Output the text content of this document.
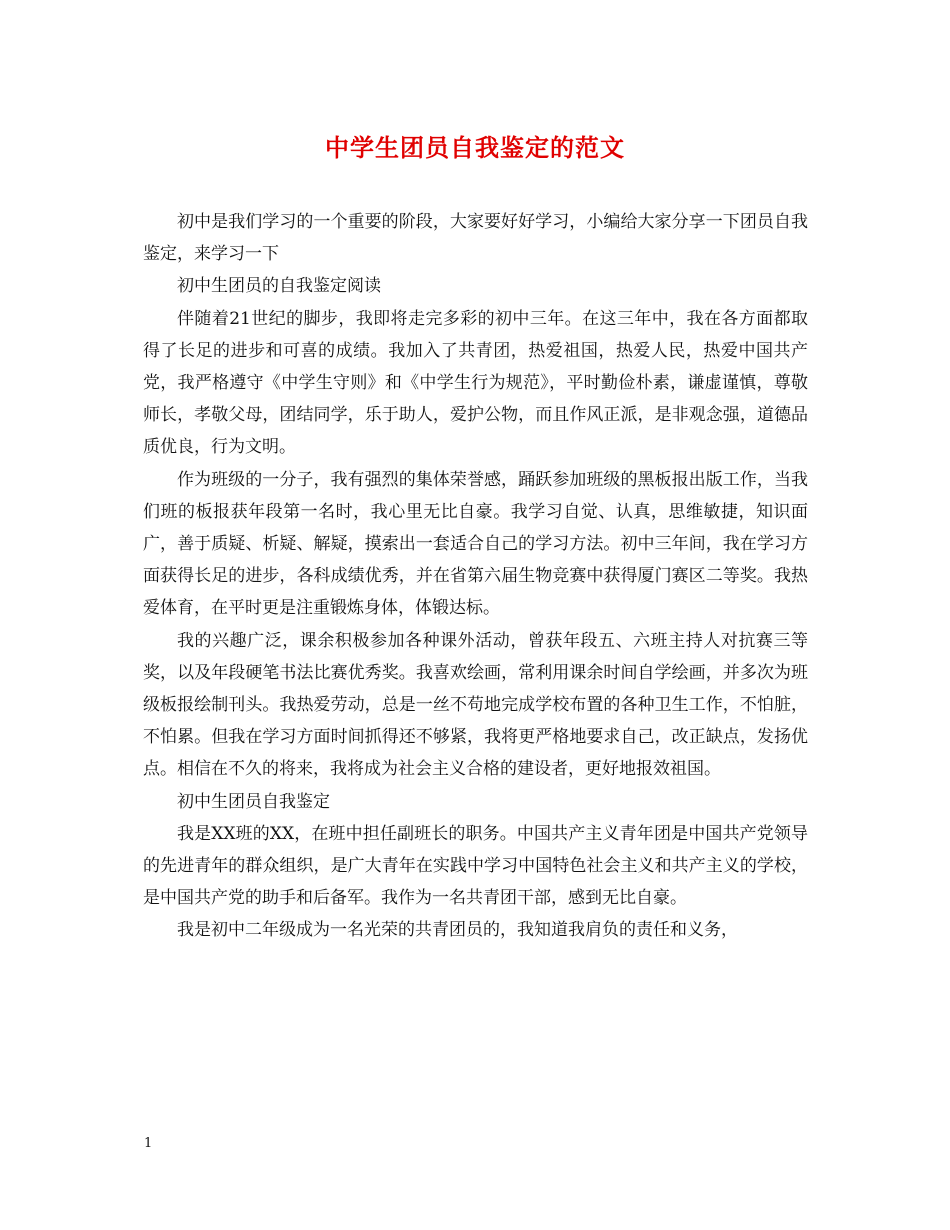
中学生团员自我鉴定的范文

初中是我们学习的一个重要的阶段，大家要好好学习，小编给大家分享一下团员自我鉴定，来学习一下

初中生团员的自我鉴定阅读

伴随着21世纪的脚步，我即将走完多彩的初中三年。在这三年中，我在各方面都取得了长足的进步和可喜的成绩。我加入了共青团，热爱祖国，热爱人民，热爱中国共产党，我严格遵守《中学生守则》和《中学生行为规范》，平时勤俭朴素，谦虚谨慎，尊敬师长，孝敬父母，团结同学，乐于助人，爱护公物，而且作风正派，是非观念强，道德品质优良，行为文明。

作为班级的一分子，我有强烈的集体荣誉感，踊跃参加班级的黑板报出版工作，当我们班的板报获年段第一名时，我心里无比自豪。我学习自觉、认真，思维敏捷，知识面广，善于质疑、析疑、解疑，摸索出一套适合自己的学习方法。初中三年间，我在学习方面获得长足的进步，各科成绩优秀，并在省第六届生物竞赛中获得厦门赛区二等奖。我热爱体育，在平时更是注重锻炼身体，体锻达标。

我的兴趣广泛，课余积极参加各种课外活动，曾获年段五、六班主持人对抗赛三等奖，以及年段硬笔书法比赛优秀奖。我喜欢绘画，常利用课余时间自学绘画，并多次为班级板报绘制刊头。我热爱劳动，总是一丝不苟地完成学校布置的各种卫生工作，不怕脏，不怕累。但我在学习方面时间抓得还不够紧，我将更严格地要求自己，改正缺点，发扬优点。相信在不久的将来，我将成为社会主义合格的建设者，更好地报效祖国。

初中生团员自我鉴定

我是XX班的XX，在班中担任副班长的职务。中国共产主义青年团是中国共产党领导的先进青年的群众组织，是广大青年在实践中学习中国特色社会主义和共产主义的学校，是中国共产党的助手和后备军。我作为一名共青团干部，感到无比自豪。

我是初中二年级成为一名光荣的共青团员的，我知道我肩负的责任和义务，

1
